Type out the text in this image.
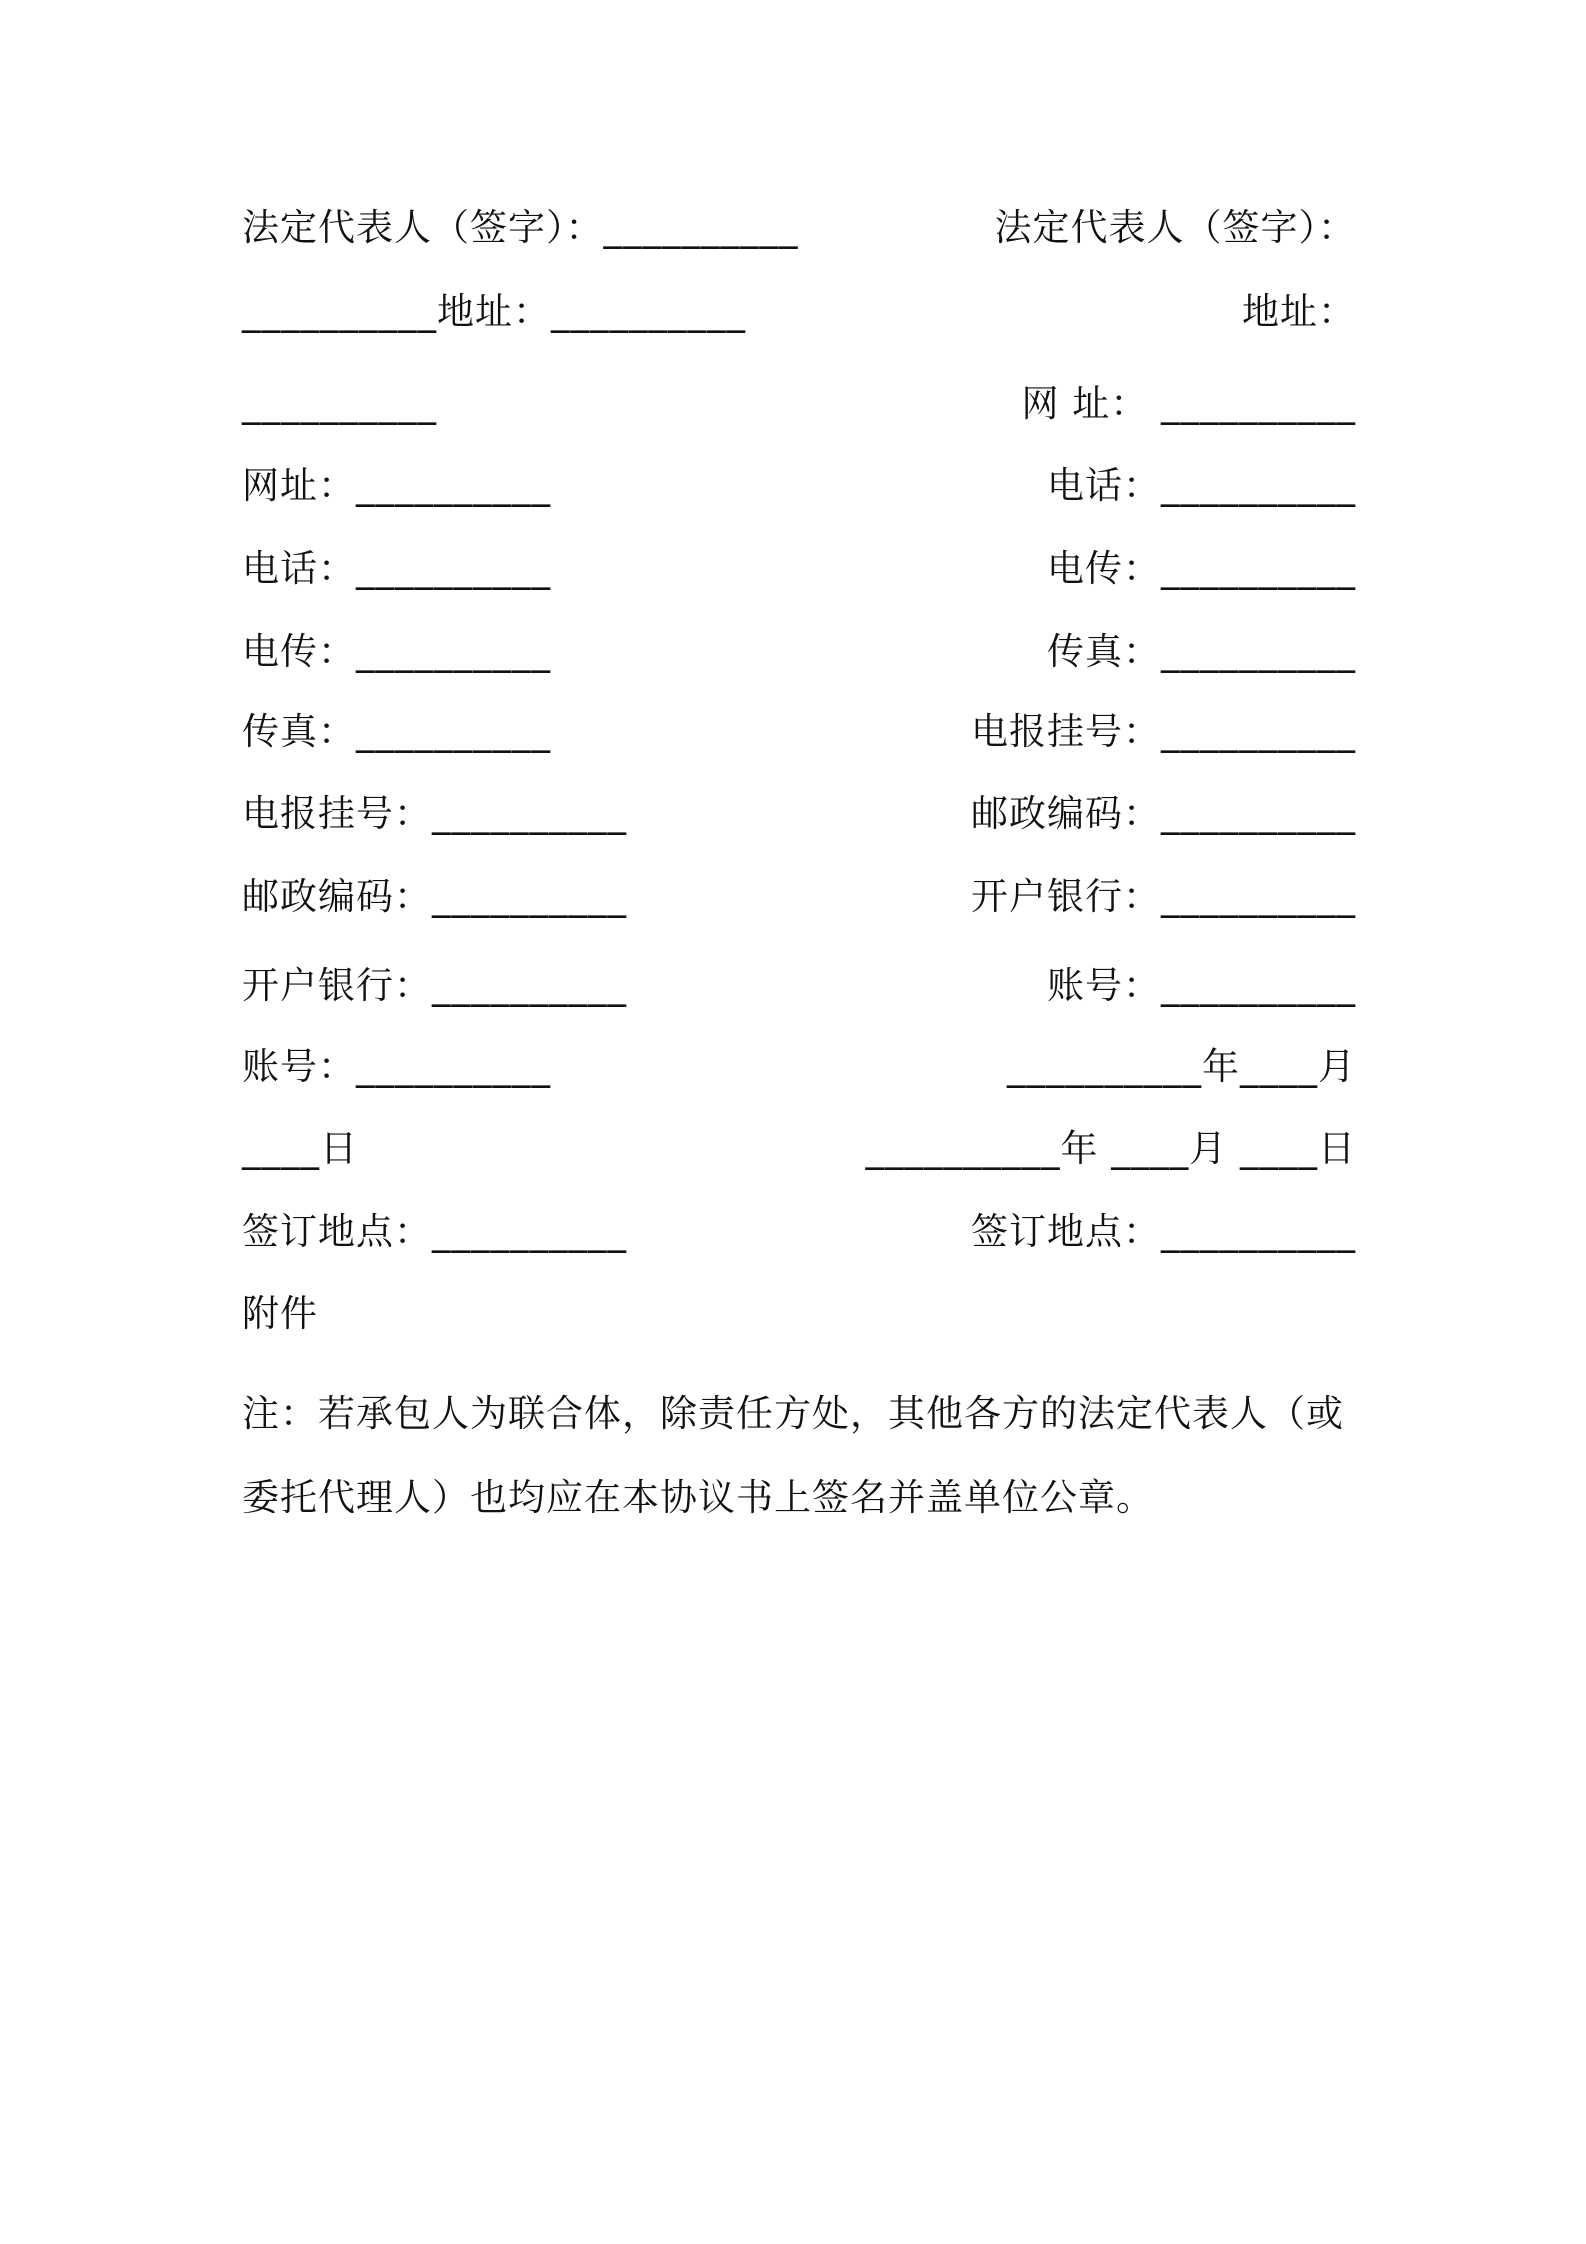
法定代表人（签字）：__________
__________地址：__________
__________
网址：__________
电话：__________
电传：__________
传真：__________
电报挂号：__________
邮政编码：__________
开户银行：__________
账号：__________
____日
签订地点：__________
法定代表人（签字）：
地址：
网 址： __________
电话：__________
电传：__________
传真：__________
电报挂号：__________
邮政编码：__________
开户银行：__________
账号：__________
__________年____月
__________年 ____月 ____日
签订地点：__________
附件
注：若承包人为联合体，除责任方处，其他各方的法定代表人（或委托代理人）也均应在本协议书上签名并盖单位公章。
